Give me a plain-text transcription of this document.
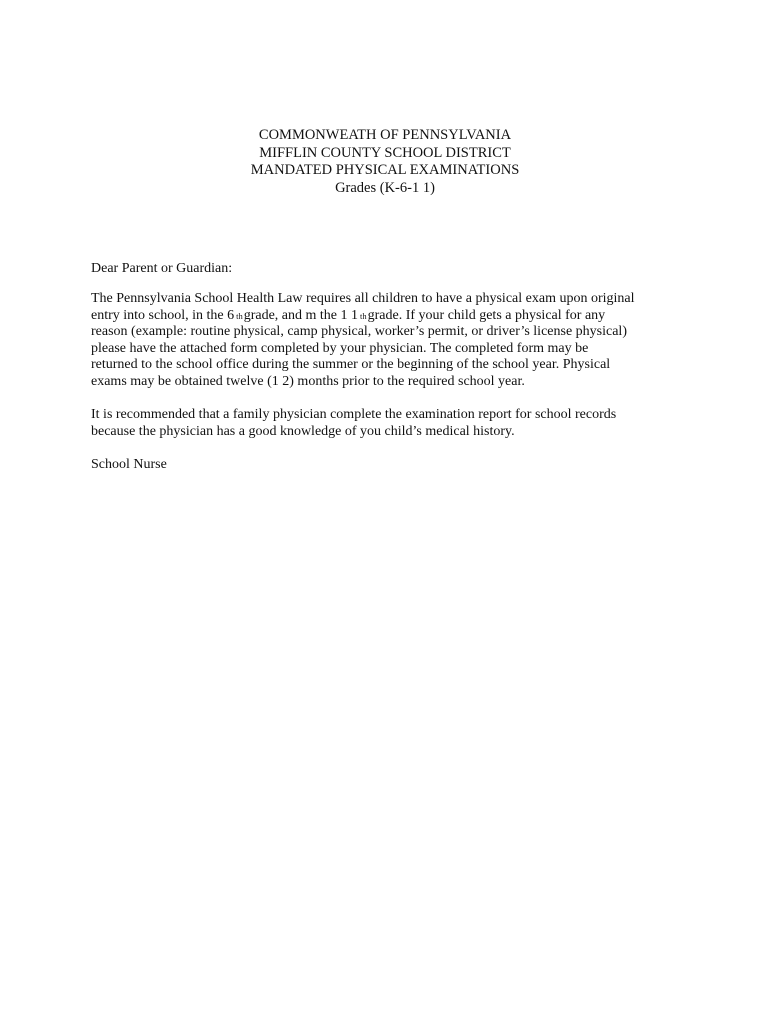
COMMONWEATH OF PENNSYLVANIA
MIFFLIN COUNTY SCHOOL DISTRICT
MANDATED PHYSICAL EXAMINATIONS
Grades (K-6-1 1)
Dear Parent or Guardian:
The Pennsylvania School Health Law requires all children to have a physical exam upon original
entry into school, in the 6 thgrade, and m the 1 1 thgrade. If your child gets a physical for any
reason (example: routine physical, camp physical, worker’s permit, or driver’s license physical)
please have the attached form completed by your physician. The completed form may be
returned to the school office during the summer or the beginning of the school year. Physical
exams may be obtained twelve (1 2) months prior to the required school year.
It is recommended that a family physician complete the examination report for school records
because the physician has a good knowledge of you child’s medical history.
School Nurse
